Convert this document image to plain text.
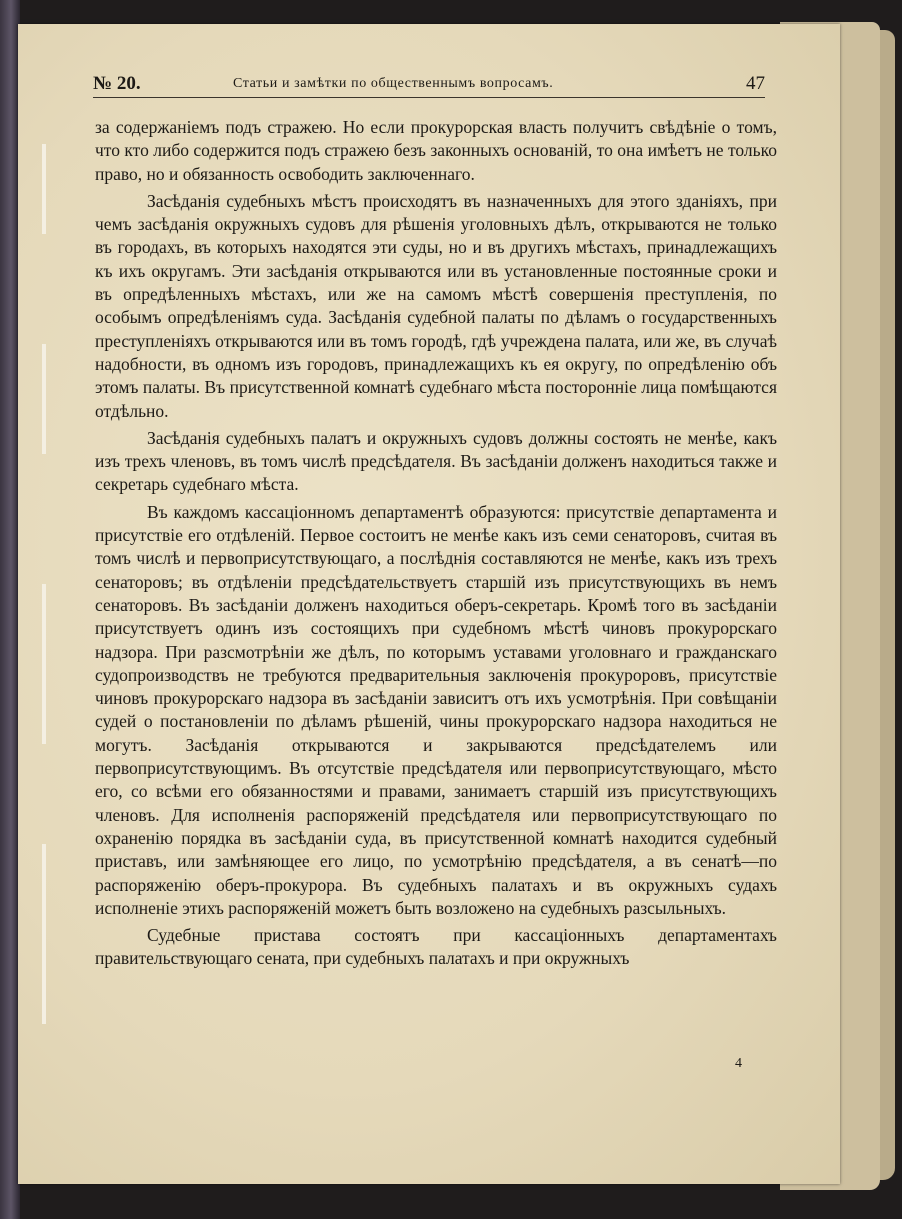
№ 20.	Статьи и замѣтки по общественнымъ вопросамъ.	47

за содержаніемъ подъ стражею. Но если прокурорская власть получитъ свѣдѣніе о томъ, что кто либо содержится подъ стражею безъ законныхъ основаній, то она имѣетъ не только право, но и обязанность освободить заключеннаго.

Засѣданія судебныхъ мѣстъ происходятъ въ назначенныхъ для этого зданіяхъ, при чемъ засѣданія окружныхъ судовъ для рѣшенія уголовныхъ дѣлъ, открываются не только въ городахъ, въ которыхъ находятся эти суды, но и въ другихъ мѣстахъ, принадлежащихъ къ ихъ округамъ. Эти засѣданія открываются или въ установленные постоянные сроки и въ опредѣленныхъ мѣстахъ, или же на самомъ мѣстѣ совершенія преступленія, по особымъ опредѣленіямъ суда. Засѣданія судебной палаты по дѣламъ о государственныхъ преступленіяхъ открываются или въ томъ городѣ, гдѣ учреждена палата, или же, въ случаѣ надобности, въ одномъ изъ городовъ, принадлежащихъ къ ея округу, по опредѣленію объ этомъ палаты. Въ присутственной комнатѣ судебнаго мѣста посторонніе лица помѣщаются отдѣльно.

Засѣданія судебныхъ палатъ и окружныхъ судовъ должны состоять не менѣе, какъ изъ трехъ членовъ, въ томъ числѣ предсѣдателя. Въ засѣданіи долженъ находиться также и секретарь судебнаго мѣста.

Въ каждомъ кассаціонномъ департаментѣ образуются: присутствіе департамента и присутствіе его отдѣленій. Первое состоитъ не менѣе какъ изъ семи сенаторовъ, считая въ томъ числѣ и первоприсутствующаго, а послѣднія составляются не менѣе, какъ изъ трехъ сенаторовъ; въ отдѣленіи предсѣдательствуетъ старшій изъ присутствующихъ въ немъ сенаторовъ. Въ засѣданіи долженъ находиться оберъ-секретарь. Кромѣ того въ засѣданіи присутствуетъ одинъ изъ состоящихъ при судебномъ мѣстѣ чиновъ прокурорскаго надзора. При разсмотрѣніи же дѣлъ, по которымъ уставами уголовнаго и гражданскаго судопроизводствъ не требуются предварительныя заключенія прокуроровъ, присутствіе чиновъ прокурорскаго надзора въ засѣданіи зависитъ отъ ихъ усмотрѣнія. При совѣщаніи судей о постановленіи по дѣламъ рѣшеній, чины прокурорскаго надзора находиться не могутъ. Засѣданія открываются и закрываются предсѣдателемъ или первоприсутствующимъ. Въ отсутствіе предсѣдателя или первоприсутствующаго, мѣсто его, со всѣми его обязанностями и правами, занимаетъ старшій изъ присутствующихъ членовъ. Для исполненія распоряженій предсѣдателя или первоприсутствующаго по охраненію порядка въ засѣданіи суда, въ присутственной комнатѣ находится судебный приставъ, или замѣняющее его лицо, по усмотрѣнію предсѣдателя, а въ сенатѣ—по распоряженію оберъ-прокурора. Въ судебныхъ палатахъ и въ окружныхъ судахъ исполненіе этихъ распоряженій можетъ быть возложено на судебныхъ разсыльныхъ.

Судебные пристава состоятъ при кассаціонныхъ департаментахъ правительствующаго сената, при судебныхъ палатахъ и при окружныхъ

4
